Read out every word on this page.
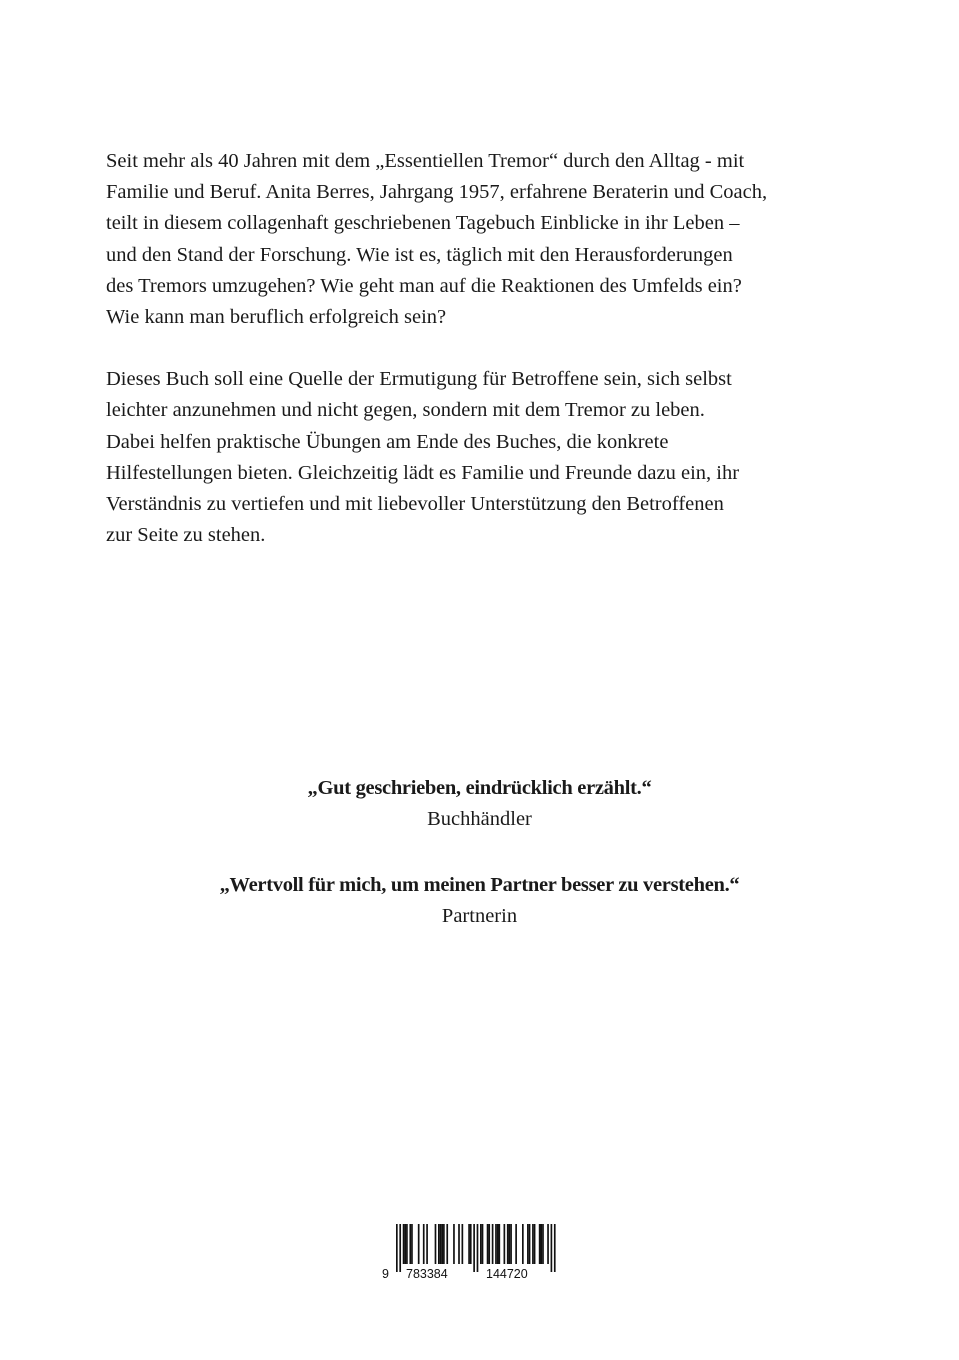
Seit mehr als 40 Jahren mit dem „Essentiellen Tremor“ durch den Alltag - mit
Familie und Beruf. Anita Berres, Jahrgang 1957, erfahrene Beraterin und Coach,
teilt in diesem collagenhaft geschriebenen Tagebuch Einblicke in ihr Leben –
und den Stand der Forschung. Wie ist es, täglich mit den Herausforderungen
des Tremors umzugehen? Wie geht man auf die Reaktionen des Umfelds ein?
Wie kann man beruflich erfolgreich sein?

Dieses Buch soll eine Quelle der Ermutigung für Betroffene sein, sich selbst
leichter anzunehmen und nicht gegen, sondern mit dem Tremor zu leben.
Dabei helfen praktische Übungen am Ende des Buches, die konkrete
Hilfestellungen bieten. Gleichzeitig lädt es Familie und Freunde dazu ein, ihr
Verständnis zu vertiefen und mit liebevoller Unterstützung den Betroffenen
zur Seite zu stehen.

„Gut geschrieben, eindrücklich erzählt.“
Buchhändler
„Wertvoll für mich, um meinen Partner besser zu verstehen.“
Partnerin
9 783384	144720
